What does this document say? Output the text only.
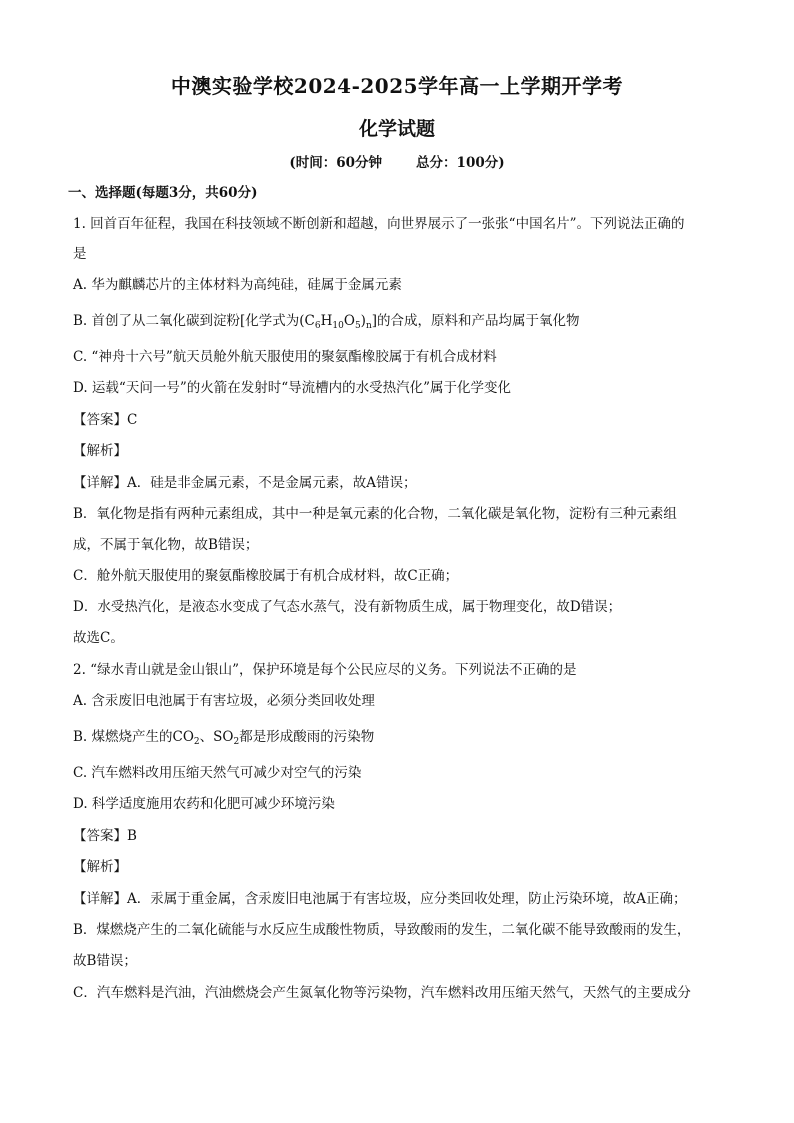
中澳实验学校2024-2025学年高一上学期开学考
化学试题
(时间：60分钟	总分：100分)
一、选择题(每题3分，共60分)
1. 回首百年征程，我国在科技领域不断创新和超越，向世界展示了一张张“中国名片”。下列说法正确的
是
A. 华为麒麟芯片的主体材料为高纯硅，硅属于金属元素
B. 首创了从二氧化碳到淀粉[化学式为$(C_6H_{10}O_5)_n$]的合成，原料和产品均属于氧化物
C. “神舟十六号”航天员舱外航天服使用的聚氨酯橡胶属于有机合成材料
D. 运载“天问一号”的火箭在发射时“导流槽内的水受热汽化”属于化学变化
【答案】C
【解析】
【详解】A．硅是非金属元素，不是金属元素，故A错误；
B．氧化物是指有两种元素组成，其中一种是氧元素的化合物，二氧化碳是氧化物，淀粉有三种元素组
成，不属于氧化物，故B错误；
C．舱外航天服使用的聚氨酯橡胶属于有机合成材料，故C正确；
D．水受热汽化，是液态水变成了气态水蒸气，没有新物质生成，属于物理变化，故D错误；
故选C。
2. “绿水青山就是金山银山”，保护环境是每个公民应尽的义务。下列说法不正确的是
A. 含汞废旧电池属于有害垃圾，必须分类回收处理
B. 煤燃烧产生的$CO_2$、$SO_2$都是形成酸雨的污染物
C. 汽车燃料改用压缩天然气可减少对空气的污染
D. 科学适度施用农药和化肥可减少环境污染
【答案】B
【解析】
【详解】A．汞属于重金属，含汞废旧电池属于有害垃圾，应分类回收处理，防止污染环境，故A正确；
B．煤燃烧产生的二氧化硫能与水反应生成酸性物质，导致酸雨的发生，二氧化碳不能导致酸雨的发生，
故B错误；
C．汽车燃料是汽油，汽油燃烧会产生氮氧化物等污染物，汽车燃料改用压缩天然气，天然气的主要成分
